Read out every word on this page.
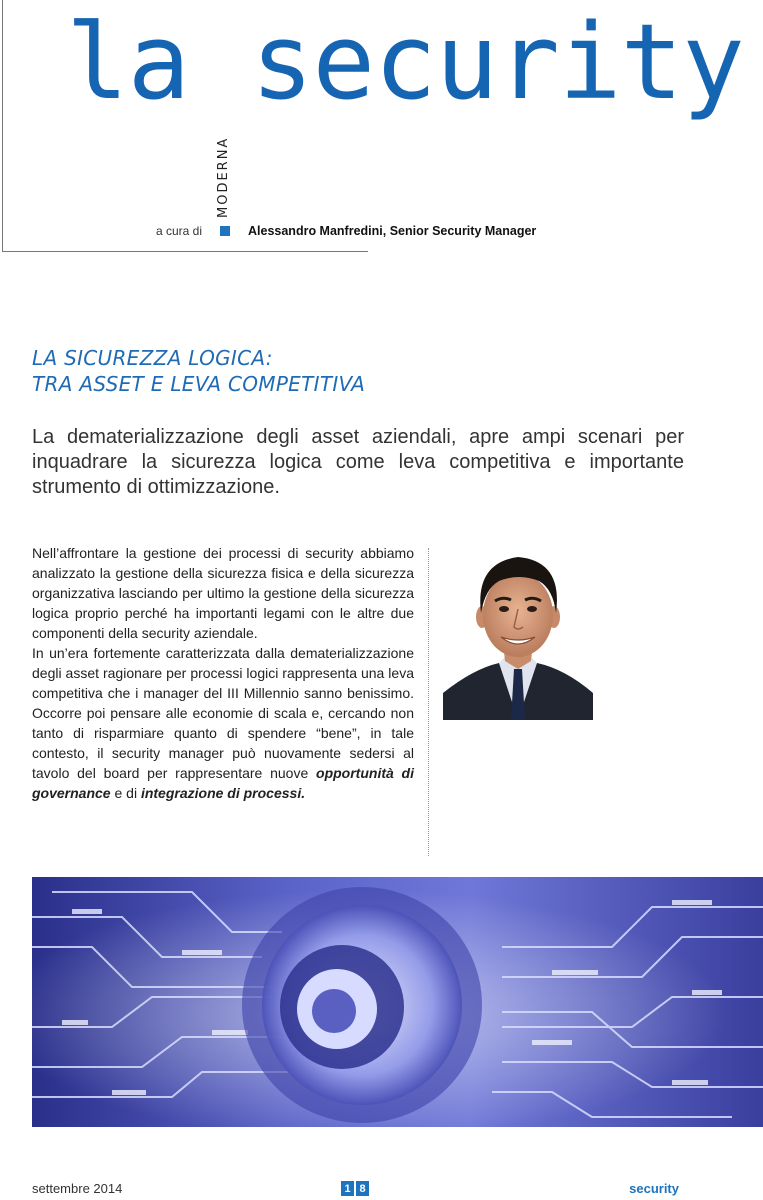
la security
MODERNA
a cura di	Alessandro Manfredini, Senior Security Manager
LA SICUREZZA LOGICA:
TRA ASSET E LEVA COMPETITIVA

La dematerializzazione degli asset aziendali, apre ampi scenari per inquadrare la sicurezza logica come leva competitiva e importante strumento di ottimizzazione.

Nell’affrontare la gestione dei processi di security abbiamo analizzato la gestione della sicurezza fisica e della sicurezza organizzativa lasciando per ultimo la gestione della sicurezza logica proprio perché ha importanti legami con le altre due componenti della security aziendale.

In un’era fortemente caratterizzata dalla dematerializzazione degli asset ragionare per processi logici rappresenta una leva competitiva che i manager del III Millennio sanno benissimo. Occorre poi pensare alle economie di scala e, cercando non tanto di risparmiare quanto di spendere “bene”, in tale contesto, il security manager può nuovamente sedersi al tavolo del board per rappresentare nuove opportunità di governance e di integrazione di processi.

settembre 2014	1 8	security
